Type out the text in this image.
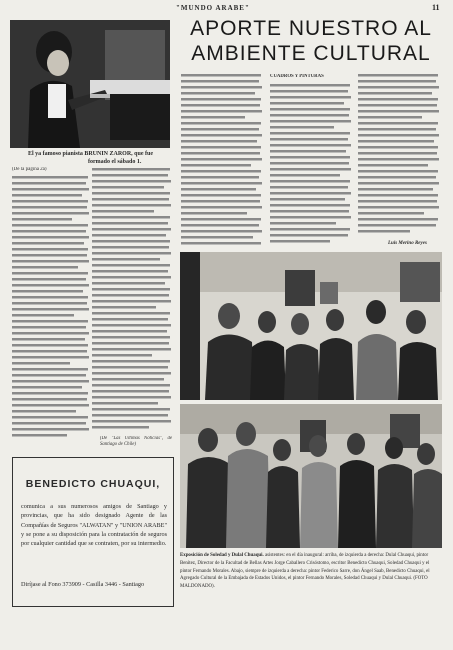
"MUNDO ARABE"	11
El ya famoso pianista BRUNIN ZAROR, que fue
formado el sábado 1.
(De la página 2a)
(De "Las Ultimas Noticias", de Santiago de Chile)
APORTE NUESTRO AL
AMBIENTE CULTURAL
CUADROS Y PINTURAS
Luis Merino Reyes
BENEDICTO CHUAQUI,
comunica a sus numerosos amigos de Santiago y provincias, que ha sido designado Agente de las Compañías de Seguros "ALWATAN" y "UNION ARABE" y se pone a su disposición para la contratación de seguros por cualquier cantidad que se contraten, por su intermedio.
Diríjase al Fono 373909 - Casilla 3446 - Santiago
Exposición de Soledad y Dulal Chuaqui. asistentes: en el día inaugural: arriba, de izquierda a derecha: Dulal Chuaqui, pintor Benítez, Director de la Facultad de Bellas Artes Jorge Caballero Crisóstomo, escritor Benedicto Chuaqui, Soledad Chuaqui y el pintor Fernando Morales. Abajo, siempre de izquierda a derecha: pintor Federico Sarre, don Ángel Saab, Benedicto Chuaqui, el Agregado Cultural de la Embajada de Estados Unidos, el pintor Fernando Morales, Soledad Chuaqui y Dulal Chuaqui. (FOTO MALDONADO).
